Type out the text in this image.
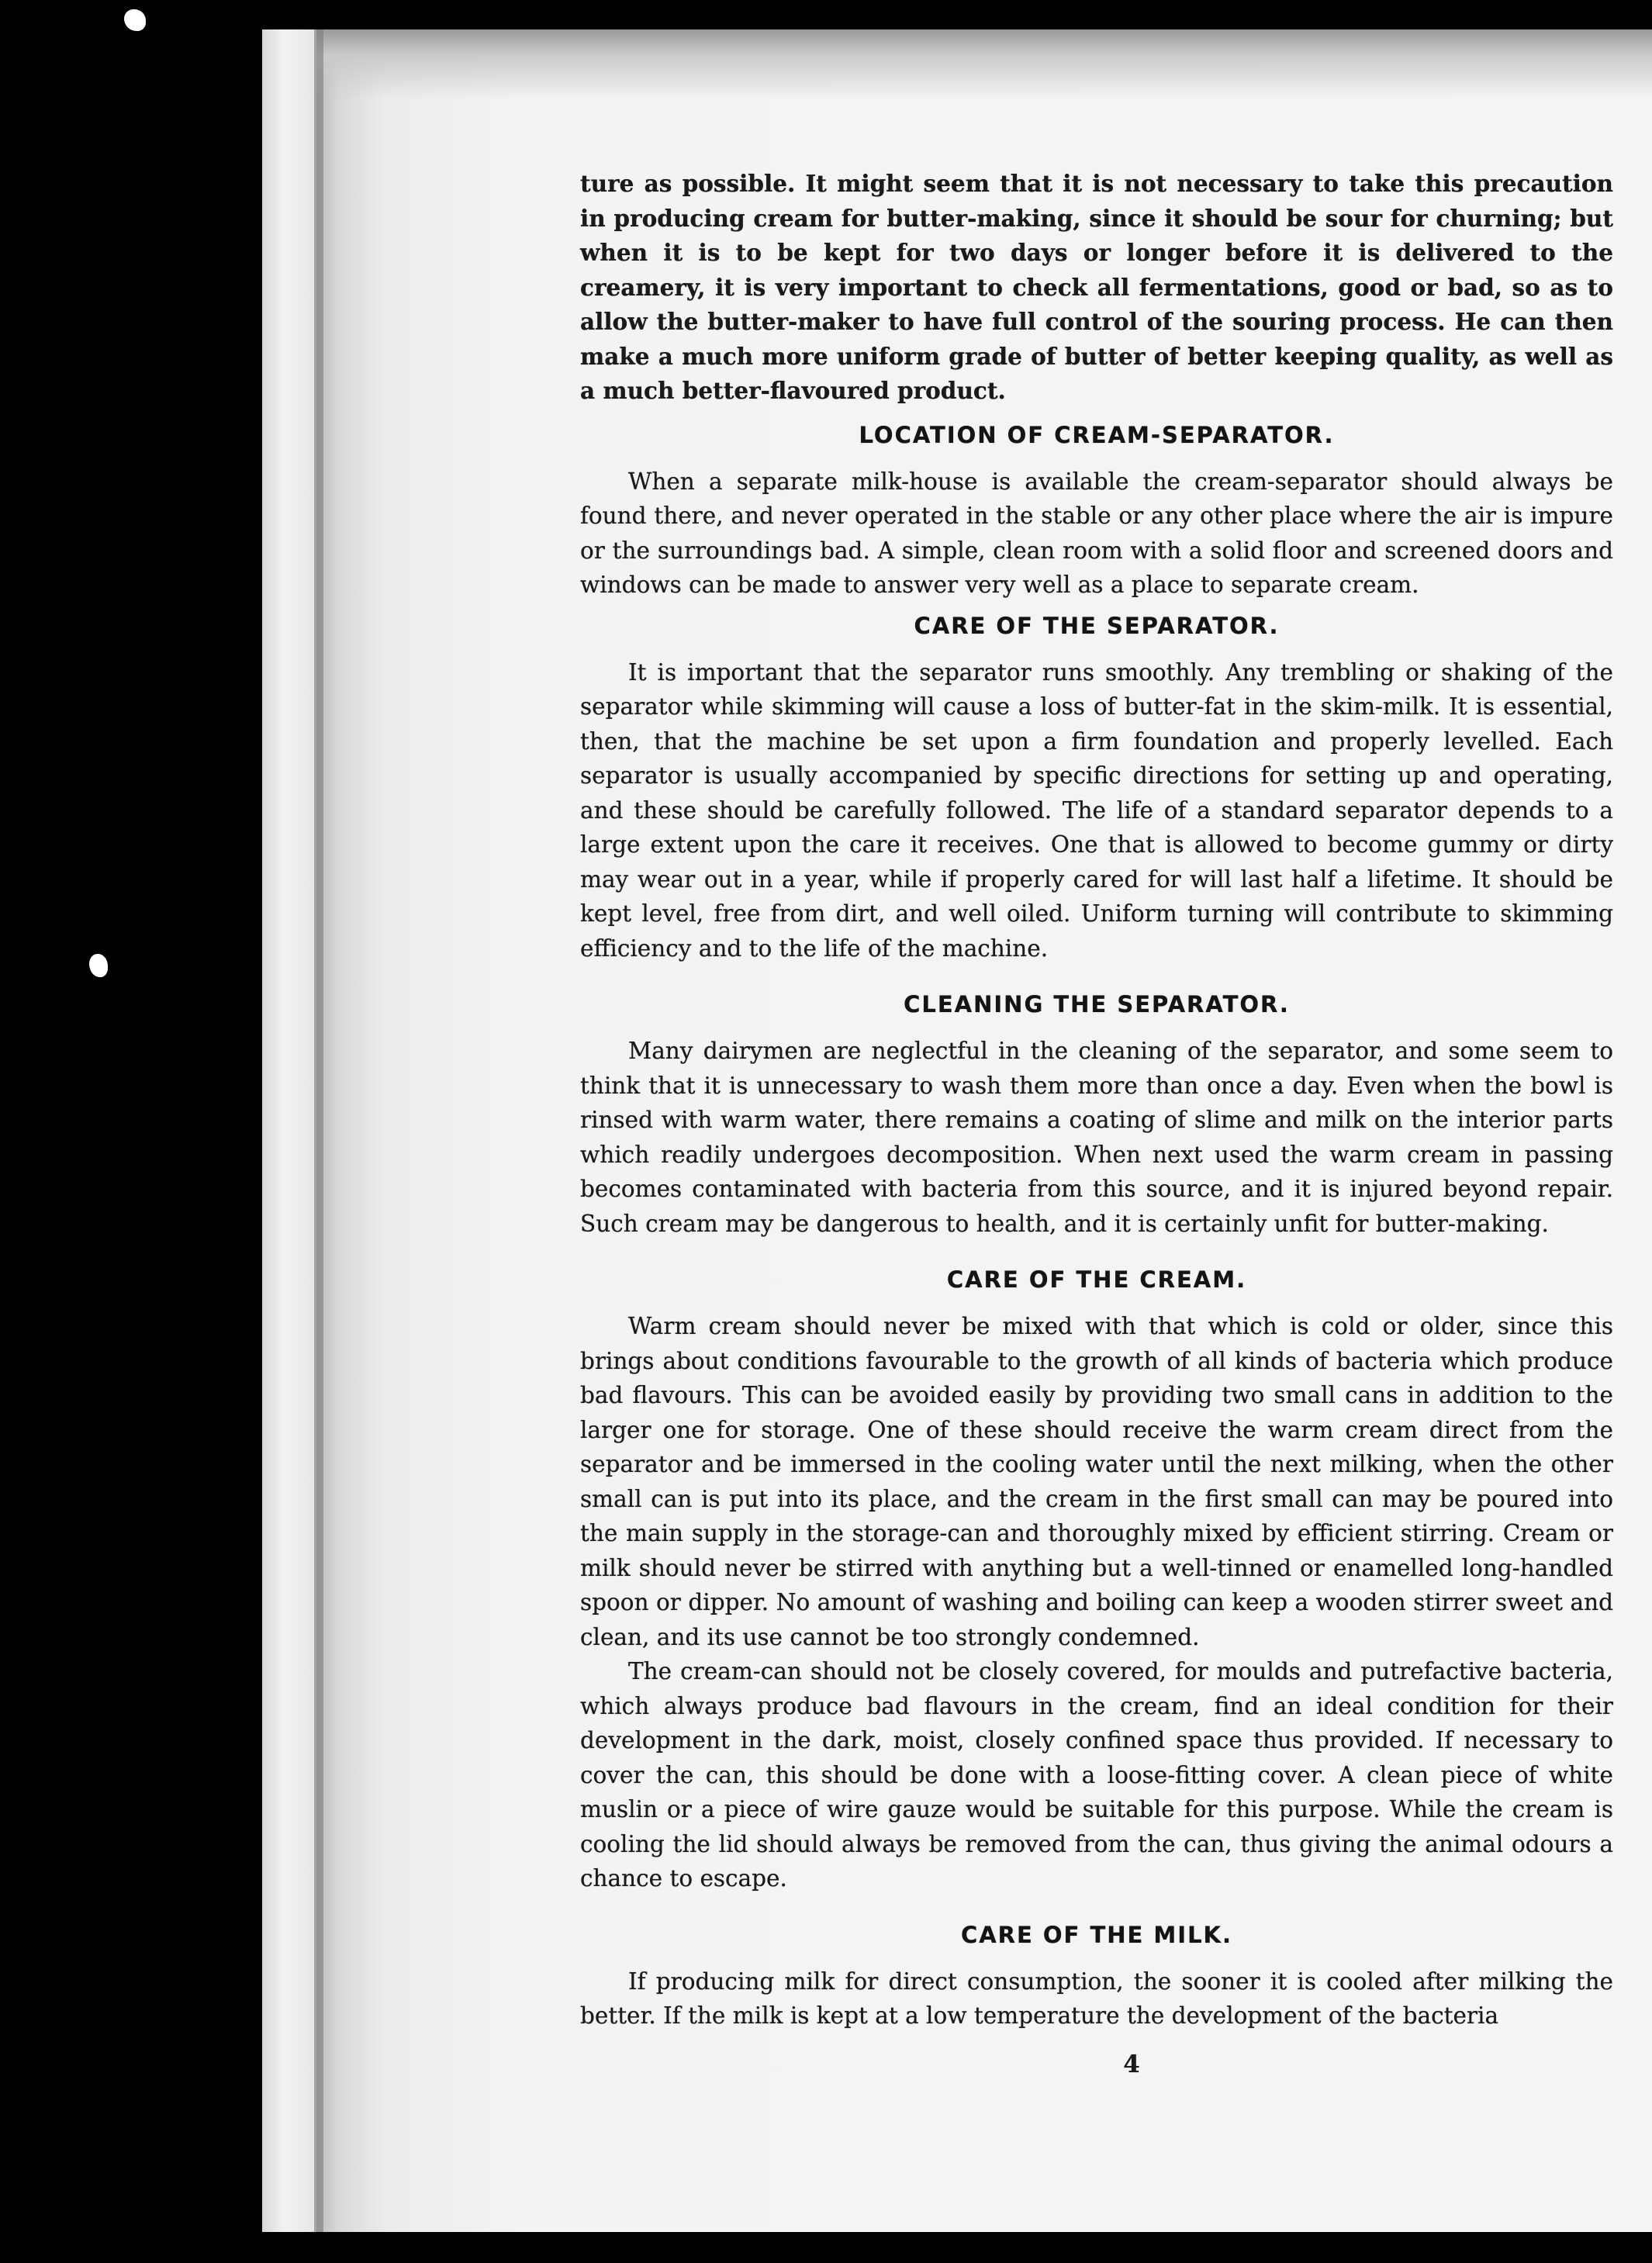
ture as possible. It might seem that it is not necessary to take this precaution in producing cream for butter-making, since it should be sour for churning; but when it is to be kept for two days or longer before it is delivered to the creamery, it is very important to check all fermentations, good or bad, so as to allow the butter-maker to have full control of the souring process. He can then make a much more uniform grade of butter of better keeping quality, as well as a much better-flavoured product.

LOCATION OF CREAM-SEPARATOR.

When a separate milk-house is available the cream-separator should always be found there, and never operated in the stable or any other place where the air is impure or the surroundings bad. A simple, clean room with a solid floor and screened doors and windows can be made to answer very well as a place to separate cream.

CARE OF THE SEPARATOR.

It is important that the separator runs smoothly. Any trembling or shaking of the separator while skimming will cause a loss of butter-fat in the skim-milk. It is essential, then, that the machine be set upon a firm foundation and properly levelled. Each separator is usually accompanied by specific directions for setting up and operating, and these should be carefully followed. The life of a standard separator depends to a large extent upon the care it receives. One that is allowed to become gummy or dirty may wear out in a year, while if properly cared for will last half a lifetime. It should be kept level, free from dirt, and well oiled. Uniform turning will contribute to skimming efficiency and to the life of the machine.

CLEANING THE SEPARATOR.

Many dairymen are neglectful in the cleaning of the separator, and some seem to think that it is unnecessary to wash them more than once a day. Even when the bowl is rinsed with warm water, there remains a coating of slime and milk on the interior parts which readily undergoes decomposition. When next used the warm cream in passing becomes contaminated with bacteria from this source, and it is injured beyond repair. Such cream may be dangerous to health, and it is certainly unfit for butter-making.

CARE OF THE CREAM.

Warm cream should never be mixed with that which is cold or older, since this brings about conditions favourable to the growth of all kinds of bacteria which produce bad flavours. This can be avoided easily by providing two small cans in addition to the larger one for storage. One of these should receive the warm cream direct from the separator and be immersed in the cooling water until the next milking, when the other small can is put into its place, and the cream in the first small can may be poured into the main supply in the storage-can and thoroughly mixed by efficient stirring. Cream or milk should never be stirred with anything but a well-tinned or enamelled long-handled spoon or dipper. No amount of washing and boiling can keep a wooden stirrer sweet and clean, and its use cannot be too strongly condemned.

The cream-can should not be closely covered, for moulds and putrefactive bacteria, which always produce bad flavours in the cream, find an ideal condition for their development in the dark, moist, closely confined space thus provided. If necessary to cover the can, this should be done with a loose-fitting cover. A clean piece of white muslin or a piece of wire gauze would be suitable for this purpose. While the cream is cooling the lid should always be removed from the can, thus giving the animal odours a chance to escape.

CARE OF THE MILK.

If producing milk for direct consumption, the sooner it is cooled after milking the better. If the milk is kept at a low temperature the development of the bacteria

4
